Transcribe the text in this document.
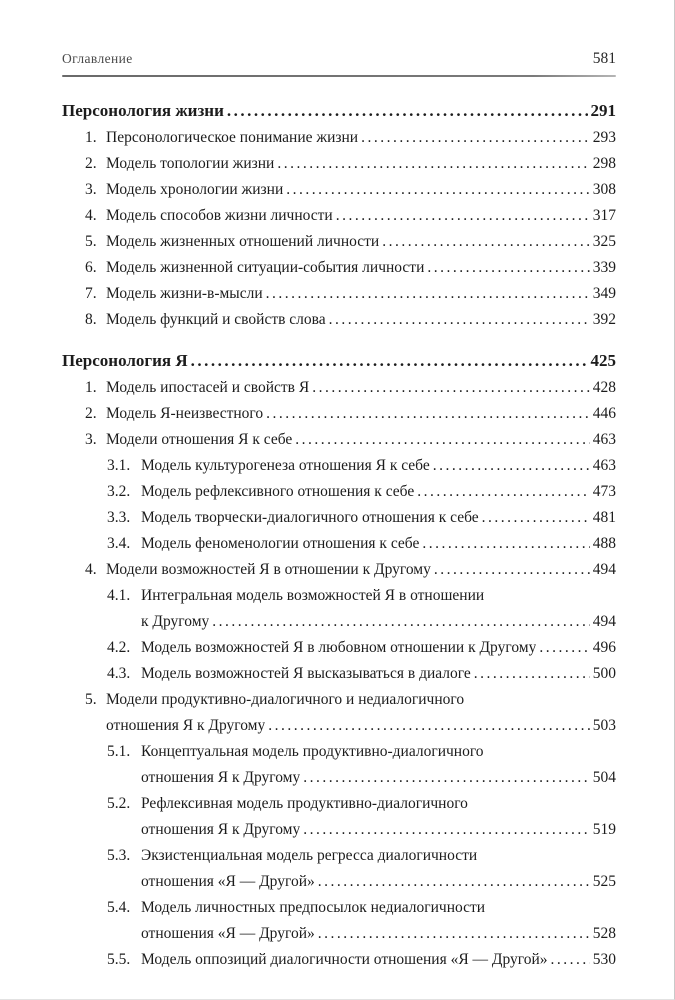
Оглавление	581
Персонология жизни .....	291
1. Персонологическое понимание жизни .....	293
2. Модель топологии жизни .....	298
3. Модель хронологии жизни .....	308
4. Модель способов жизни личности .....	317
5. Модель жизненных отношений личности .....	325
6. Модель жизненной ситуации-события личности .....	339
7. Модель жизни-в-мысли .....	349
8. Модель функций и свойств слова .....	392
Персонология Я .....	425
1. Модель ипостасей и свойств Я .....	428
2. Модель Я-неизвестного .....	446
3. Модели отношения Я к себе .....	463
3.1. Модель культурогенеза отношения Я к себе .....	463
3.2. Модель рефлексивного отношения к себе .....	473
3.3. Модель творчески-диалогичного отношения к себе .....	481
3.4. Модель феноменологии отношения к себе .....	488
4. Модели возможностей Я в отношении к Другому .....	494
4.1. Интегральная модель возможностей Я в отношении
к Другому .....	494
4.2. Модель возможностей Я в любовном отношении к Другому .....	496
4.3. Модель возможностей Я высказываться в диалоге .....	500
5. Модели продуктивно-диалогичного и недиалогичного
отношения Я к Другому .....	503
5.1. Концептуальная модель продуктивно-диалогичного
отношения Я к Другому .....	504
5.2. Рефлексивная модель продуктивно-диалогичного
отношения Я к Другому .....	519
5.3. Экзистенциальная модель регресса диалогичности
отношения «Я — Другой» .....	525
5.4. Модель личностных предпосылок недиалогичности
отношения «Я — Другой» .....	528
5.5. Модель оппозиций диалогичности отношения «Я — Другой» .....	530
